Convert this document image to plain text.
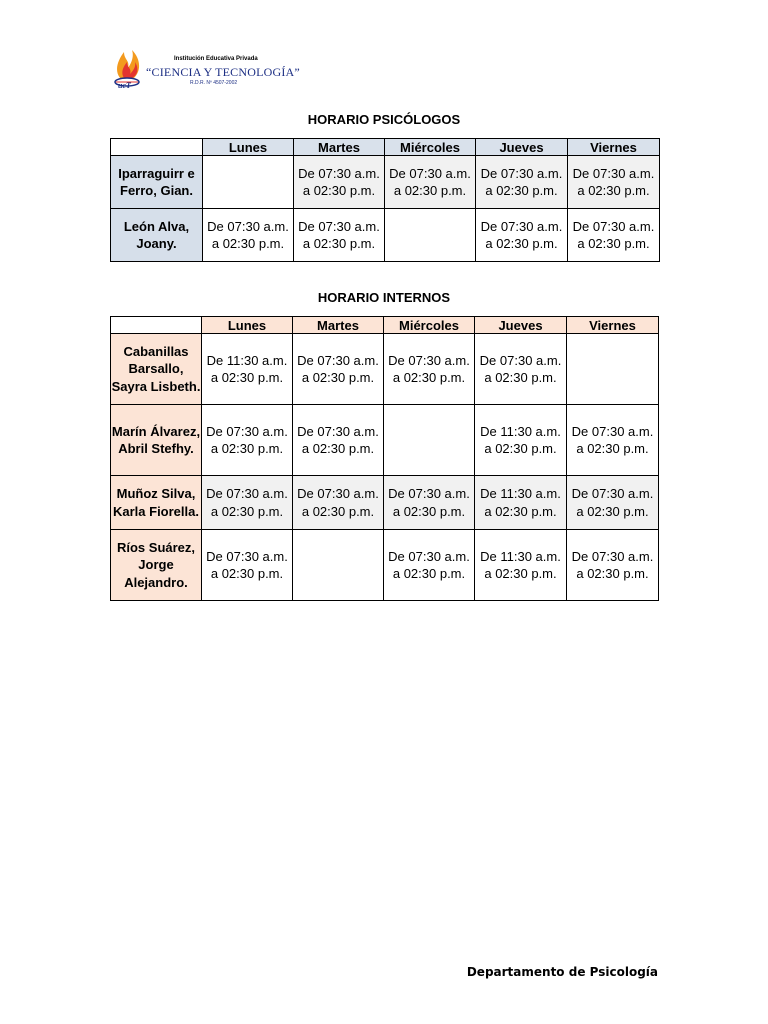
ucT
Institución Educativa Privada
“CIENCIA Y TECNOLOGÍA”
R.D.R. Nº 4507-2002
HORARIO PSICÓLOGOS
	Lunes	Martes	Miércoles	Jueves	Viernes
Iparraguirr e Ferro, Gian.		De 07:30 a.m. a 02:30 p.m.	De 07:30 a.m. a 02:30 p.m.	De 07:30 a.m. a 02:30 p.m.	De 07:30 a.m. a 02:30 p.m.
León Alva, Joany.	De 07:30 a.m. a 02:30 p.m.	De 07:30 a.m. a 02:30 p.m.		De 07:30 a.m. a 02:30 p.m.	De 07:30 a.m. a 02:30 p.m.
HORARIO INTERNOS
	Lunes	Martes	Miércoles	Jueves	Viernes
Cabanillas Barsallo, Sayra Lisbeth.	De 11:30 a.m. a 02:30 p.m.	De 07:30 a.m. a 02:30 p.m.	De 07:30 a.m. a 02:30 p.m.	De 07:30 a.m. a 02:30 p.m.	
Marín Álvarez, Abril Stefhy.	De 07:30 a.m. a 02:30 p.m.	De 07:30 a.m. a 02:30 p.m.		De 11:30 a.m. a 02:30 p.m.	De 07:30 a.m. a 02:30 p.m.
Muñoz Silva, Karla Fiorella.	De 07:30 a.m. a 02:30 p.m.	De 07:30 a.m. a 02:30 p.m.	De 07:30 a.m. a 02:30 p.m.	De 11:30 a.m. a 02:30 p.m.	De 07:30 a.m. a 02:30 p.m.
Ríos Suárez, Jorge Alejandro.	De 07:30 a.m. a 02:30 p.m.		De 07:30 a.m. a 02:30 p.m.	De 11:30 a.m. a 02:30 p.m.	De 07:30 a.m. a 02:30 p.m.
Departamento de Psicología
